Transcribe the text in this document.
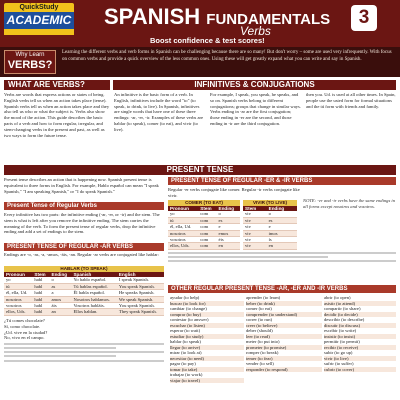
QuickStudy
ACADEMIC SPANISH FUNDAMENTALS
Verbs
3
Boost confidence & test scores!
Why Learn
VERBS?
Learning the different verbs and verb forms in Spanish can be challenging because there are so many! But don't worry – some are used very infrequently. With focus on common verbs and provide a quick overview of the less common ones. Using these will get greatly expand what you can write and say in Spanish.
WHAT ARE VERBS?	INFINITIVES & CONJUGATIONS
Verbs are words that express actions or states of being. English verbs tell us when an action takes place (tense). Spanish verbs tell us when an action takes place and they also tell us who or what the subject is. Verbs also show the mood of the action. This guide describes the basic parts of a verb and how to form regular, irregular, and stem-changing verbs in the present and past, as well as two ways to form the future tense.
An infinitive is the basic form of a verb. In English, infinitives include the word "to" (to speak, to drink, to live). In Spanish, infinitives are single words that have one of these three endings: -ar, -er, -ir. Examples of these verbs are hablar (to speak), comer (to eat), and vivir (to live).
For example, I speak, you speak, he speaks, and so on. Spanish verbs belong to different conjugations; groups that change in similar ways. Verbs ending in -ar are the first conjugation; those ending in -er are the second, and those ending in -ir are the third conjugation.
then you. Ud. is used at all other times. In Spain, people use the usted form for formal situations and the tú form with friends and family.
PRESENT TENSE
Present tense describes an action that is happening now. Spanish present tense is equivalent to three forms in English. For example, Hablo español can mean "I speak Spanish," "I am speaking Spanish," or "I do speak Spanish."
Present Tense of Regular Verbs
Every infinitive has two parts: the infinitive ending (-ar, -er, or -ir) and the stem. The stem is what is left after you remove the infinitive ending. The stem carries the meaning of the verb. To form the present tense of regular verbs, drop the infinitive ending and add a set of endings to the stem.
PRESENT TENSE OF REGULAR -AR VERBS
Endings are -o, -as, -a, -amos, -áis, -an. Regular -ar verbs are conjugated like hablar:
HABLAR (TO SPEAK)
Pronoun	Stem	Ending	Spanish	English
yo	habl	o	Yo hablo español.	I speak Spanish.
tú	habl	as	Tú hablas español.	You speak Spanish.
él, ella, Ud.	habl	a	Él habla español.	He speaks Spanish.
nosotros	habl	amos	Nosotros hablamos.	We speak Spanish.
vosotros	habl	áis	Vosotros habláis.	You speak Spanish.
ellos, Uds.	habl	an	Ellos hablan.	They speak Spanish.
¿Tú comes chocolate?
Sí, como chocolate.
¿Ud. vive en la ciudad?
No, vivo en el campo.
PRESENT TENSE OF REGULAR -ER & -IR VERBS
Regular -er verbs conjugate like comer. Regular -ir verbs conjugate like vivir.
COMER (TO EAT)
Pronoun	Stem	Ending
yo	com	o
tú	com	es
él, ella, Ud.	com	e
nosotros	com	emos
vosotros	com	éis
ellos, Uds.	com	en
VIVIR (TO LIVE)
Stem	Ending
viv	o
viv	es
viv	e
viv	imos
viv	ís
viv	en
NOTE: -er and -ir verbs have the same endings in all forms except nosotros and vosotros.
OTHER REGULAR PRESENT TENSE -AR, -ER AND -IR VERBS
ayudar (to help)
buscar (to look for)
cambiar (to change)
comprar (to buy)
contestar (to answer)
escuchar (to listen)
esperar (to wait)
estudiar (to study)
hablar (to speak)
llegar (to arrive)
mirar (to look at)
necesitar (to need)
pagar (to pay)
tomar (to take)
trabajar (to work)
viajar (to travel)
aprender (to learn)
beber (to drink)
comer (to eat)
comprender (to understand)
correr (to run)
creer (to believe)
deber (should)
leer (to read)
meter (to put into)
prometer (to promise)
romper (to break)
temer (to fear)
vender (to sell)
responder (to respond)
abrir (to open)
asistir (to attend)
compartir (to share)
decidir (to decide)
describir (to describe)
discutir (to discuss)
escribir (to write)
insistir (to insist)
permitir (to permit)
recibir (to receive)
subir (to go up)
vivir (to live)
sufrir (to suffer)
cubrir (to cover)
